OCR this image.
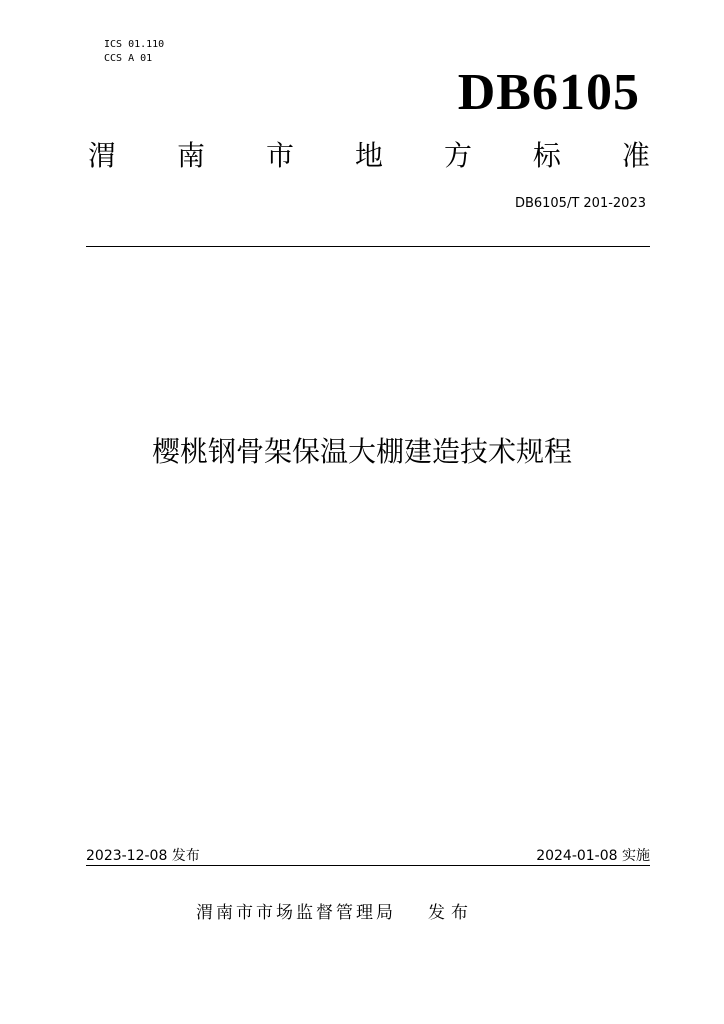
ICS 01.110
CCS A 01
DB6105
渭 南 市 地 方 标 准
DB6105/T 201-2023
樱桃钢骨架保温大棚建造技术规程
2023-12-08 发布	2024-01-08 实施
渭南市市场监督管理局 发布
